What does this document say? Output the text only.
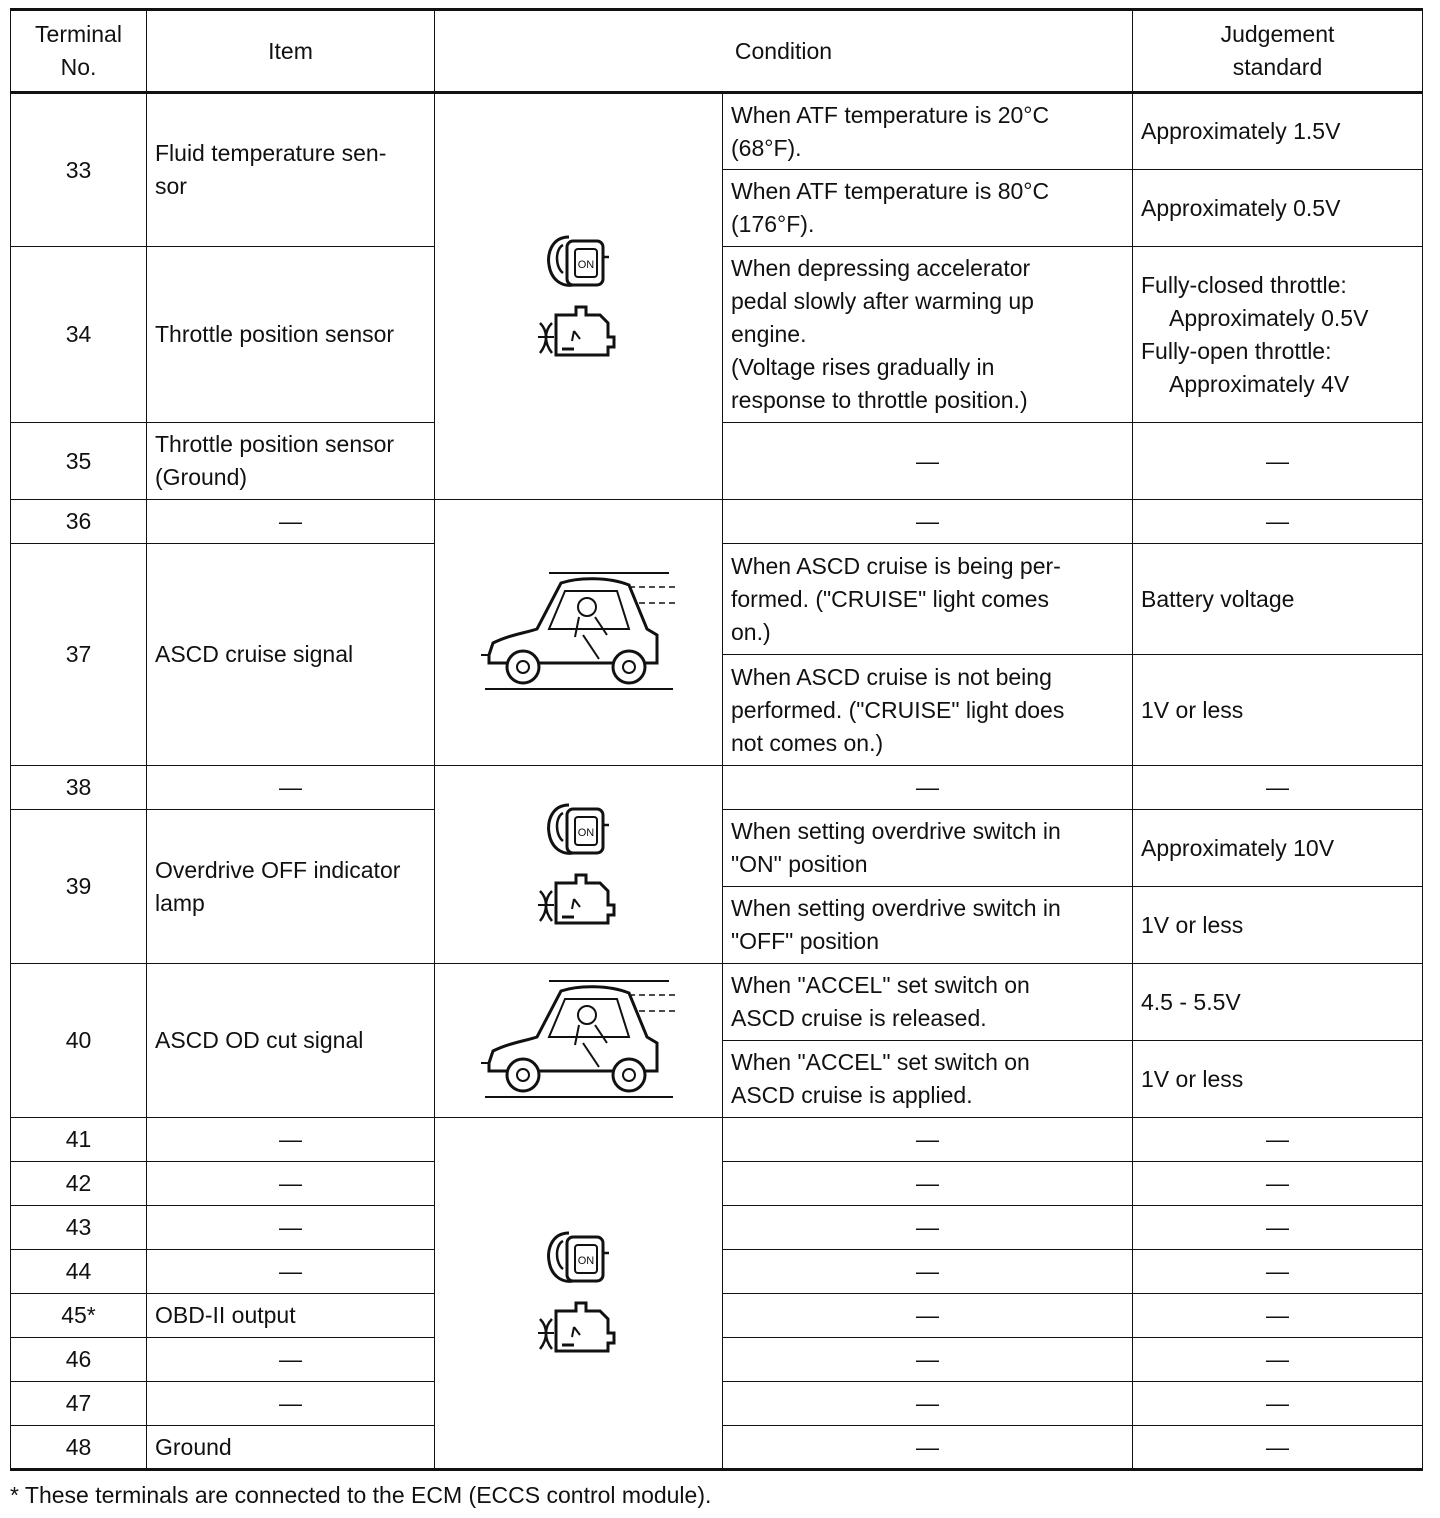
Terminal
No.	Item	Condition		Judgement
standard
33	Fluid temperature sen-
sor		When ATF temperature is 20°C
(68°F).	Approximately 1.5V
			When ATF temperature is 80°C
(176°F).	Approximately 0.5V
34	Throttle position sensor		When depressing accelerator
pedal slowly after warming up
engine.
(Voltage rises gradually in
response to throttle position.)	Fully-closed throttle:
Approximately 0.5V
Fully-open throttle:
Approximately 4V

35	Throttle position sensor
(Ground)		—	—
36	—		—	—
37	ASCD cruise signal		When ASCD cruise is being per-
formed. ("CRUISE" light comes
on.)	Battery voltage
			When ASCD cruise is not being
performed. ("CRUISE" light does
not comes on.)	1V or less
38	—		—	—
39	Overdrive OFF indicator
lamp		When setting overdrive switch in
"ON" position	Approximately 10V
			When setting overdrive switch in
"OFF" position	1V or less
40	ASCD OD cut signal		When "ACCEL" set switch on
ASCD cruise is released.	4.5 - 5.5V
			When "ACCEL" set switch on
ASCD cruise is applied.	1V or less
41	—		—	—
42	—		—	—
43	—		—	—
44	—		—	—
45*	OBD-II output		—	—
46	—		—	—
47	—		—	—
48	Ground		—	—
* These terminals are connected to the ECM (ECCS control module).
